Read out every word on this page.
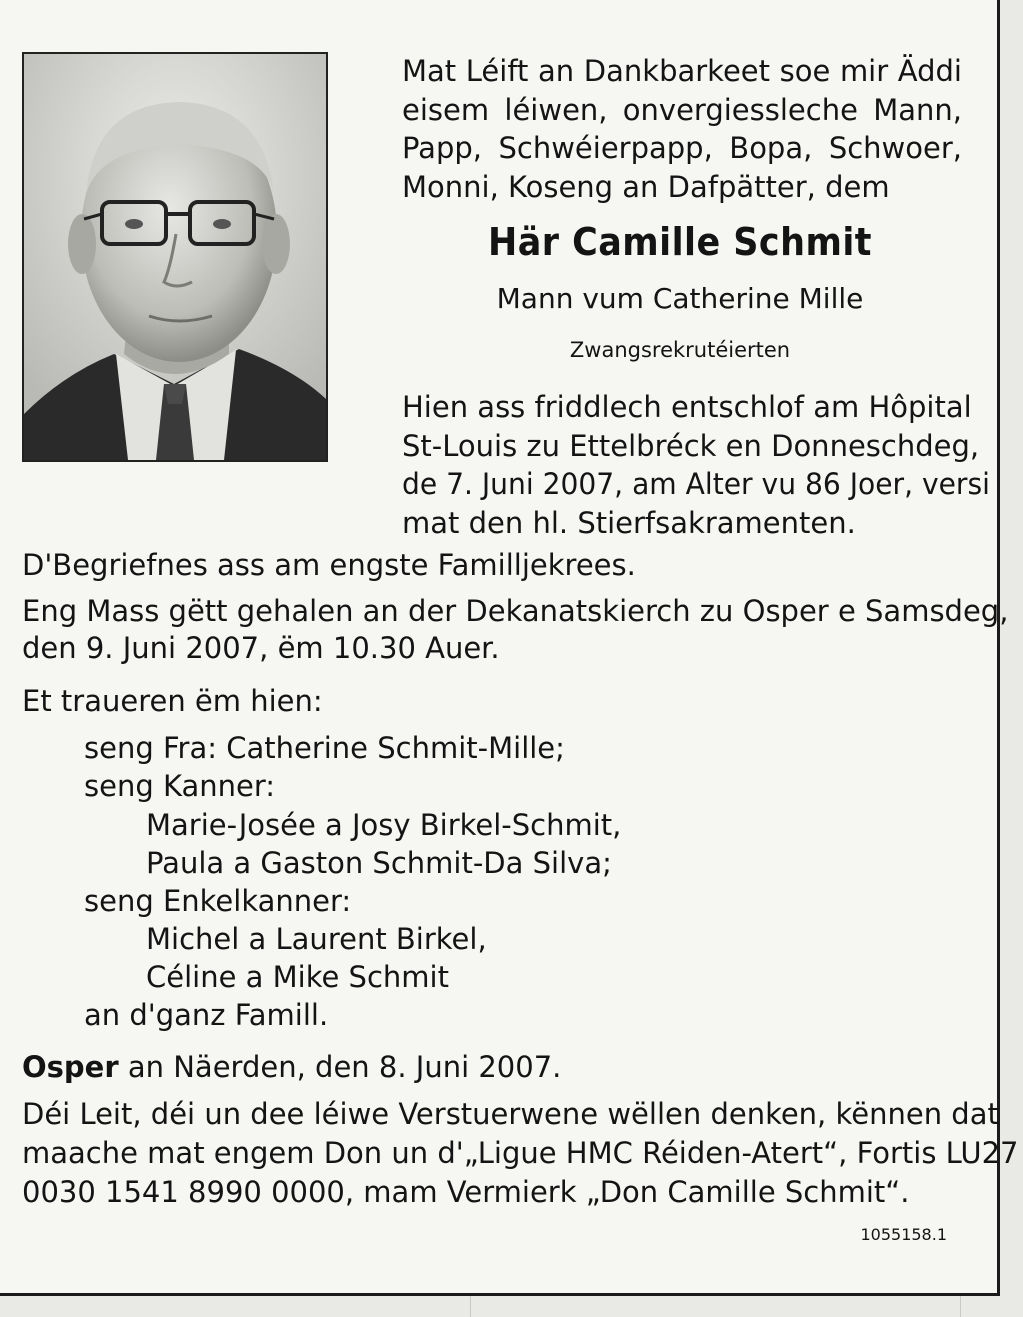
Mat Léift an Dankbarkeet soe mir Äddi
eisem léiwen, onvergiessleche Mann,
Papp, Schwéierpapp, Bopa, Schwoer,
Monni, Koseng an Dafpätter, dem
Här Camille Schmit
Mann vum Catherine Mille
Zwangsrekrutéierten
Hien ass friddlech entschlof am Hôpital
St-Louis zu Ettelbréck en Donneschdeg,
de 7. Juni 2007, am Alter vu 86 Joer, versi
mat den hl. Stierfsakramenten.
D'Begriefnes ass am engste Familljekrees.
Eng Mass gëtt gehalen an der Dekanatskierch zu Osper e Samsdeg,
den 9. Juni 2007, ëm 10.30 Auer.
Et traueren ëm hien:
seng Fra: Catherine Schmit-Mille;
seng Kanner:
Marie-Josée a Josy Birkel-Schmit,
Paula a Gaston Schmit-Da Silva;
seng Enkelkanner:
Michel a Laurent Birkel,
Céline a Mike Schmit
an d'ganz Famill.
Osper an Näerden, den 8. Juni 2007.
Déi Leit, déi un dee léiwe Verstuerwene wëllen denken, kënnen dat
maache mat engem Don un d'„Ligue HMC Réiden-Atert“, Fortis LU27
0030 1541 8990 0000, mam Vermierk „Don Camille Schmit“.
1055158.1
